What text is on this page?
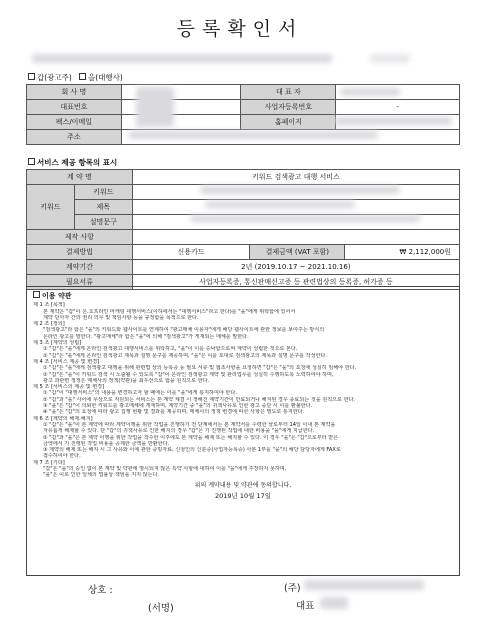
등록확인서
갑(광고주) 을(대행사)
회 사 명		대 표 자	
대표번호		사업자등록번호	-
팩스/이메일		홈페이지	
주소			
서비스 제공 항목의 표시
계 약 명		키워드 검색광고 대행 서비스		
키워드	키워드			
	제목			
	설명문구			
제작 사항				
결제방법		신용카드	결제금액 (VAT 포함)	₩ 2,112,000원
계약기간		2년 (2019.10.17 ~ 2021.10.16)		
필요서류		사업자등록증, 통신판매신고증 등 관련법상의 등록증, 허가증 등		
이용 약관
제 1 조 [목적]
본 계약은 "갑"이 온.오프라인 마케팅 대행서비스(이하에서는 "대행서비스"라고 한다)를 "을"에게 위탁함에 있어서
계약 당사자 간의 권리 의무 및 책임사항 등을 규정함을 목적으로 한다.
제 2 조 [정의]
"검색광고"라 함은 "을"의 키워드와 웹사이트를 연계하여 "광고매체 이용자"에게 해당 웹사이트에 관한 정보를 보여주는 방식의
온라인 광고를 말한다. "광고매체"라 함은 "을"에 의해 "검색광고"가 게재되는 매체를 말한다.
제 3 조 [계약의 성립]
① "갑"은 "을"에게 온라인 검색광고 대행서비스를 위탁하고, "을"이 이를 승낙함으로써 계약이 성립한 것으로 본다.
② "갑"은 "을"에게 온라인 검색광고 제목과 설명 문구를 제공하며, "을"은 이를 토대로 검색광고의 제목과 설명 문구를 작성한다.
제 4 조 [서비스 제공 및 변경]
① "갑"은 "을"에게 검색광고 대행을 위해 관련법 상의 등록증 등 필요 서류 및 협조사항을 요청하면 "갑"은 "을"의 요청에 성실히 임해야 한다.
② "갑"은 "을"이 키워드 검색 시 노출될 수 있도록 "갑"이 온라인 검색광고 계약 및 관리업무를 성실히 수행하도록 노력하여야 하며,
광고 과관련 정정은 매체사의 정책(약관)을 최우선으로 함을 원칙으로 한다.
제 5 조 [서비스의 제공 및 변경]
① "갑"이 "대행서비스"의 내용을 변경하고자 할 때에는 이를 "을"에게 통지하여야 한다.
② "갑"과 "을" 사이에 무상으로 지원되는 서비스는 본 계약 체결 시 정해진 계약기간이 만료되거나 해지된 경우 종료되는 것을 원칙으로 한다.
③ "을"은 "갑"이 의뢰한 키워드를 광고매체에 게재하며, 계약기간 중 "을"의 귀책사유로 인한 광고 중단 시 이를 환불한다.
④ "을"은 "갑"의 요청에 따라 광고 집행 현황 및 결과를 제공하며, 매체사의 정책 변경에 따른 사항은 별도로 통지한다.
제 6 조 [계약의 해제.해지]
① "갑"은 "을"이 본 계약에 따라 계약이행을 위한 작업을 진행하기 전 단계에서는 본 계약서를 수령한 날로부터 14일 이내 본 계약을
자유롭게 해제할 수 있다. 단 "갑"의 귀책사유로 인한 해지의 경우 "갑"은 기 진행된 작업에 대한 비용을 "을"에게 지급한다.
② "갑"과 "을"은 본 계약 이행을 위한 작업을 착수한 이후에도 본 계약을 해제 또는 해지할 수 있다. 이 경우 "을"은 "갑"으로부터 받은
금액에서 기 진행된 작업 비용을 공제한 금액을 반환한다.
③ 계약의 해제 또는 해지 시 그 사유와 이에 관한 증빙자료, 신청인의 신분증(사업자등록증) 사본 1부를 "을"의 해당 담당자에게 FAX로
접수하여야 한다.
제 7 조 [기타]
"갑"은 "을"의 승인 없이 본 계약 및 약관에 명시되지 않은 특약 사항에 대하여 이를 "을"에게 주장하지 못하며,
"을"은 이로 인한 일체의 법률상 책임을 지지 않는다.
위의 계약내용 및 약관에 동의합니다.
2019년 10월 17일
상호 :	(주)
(서명)	대표
